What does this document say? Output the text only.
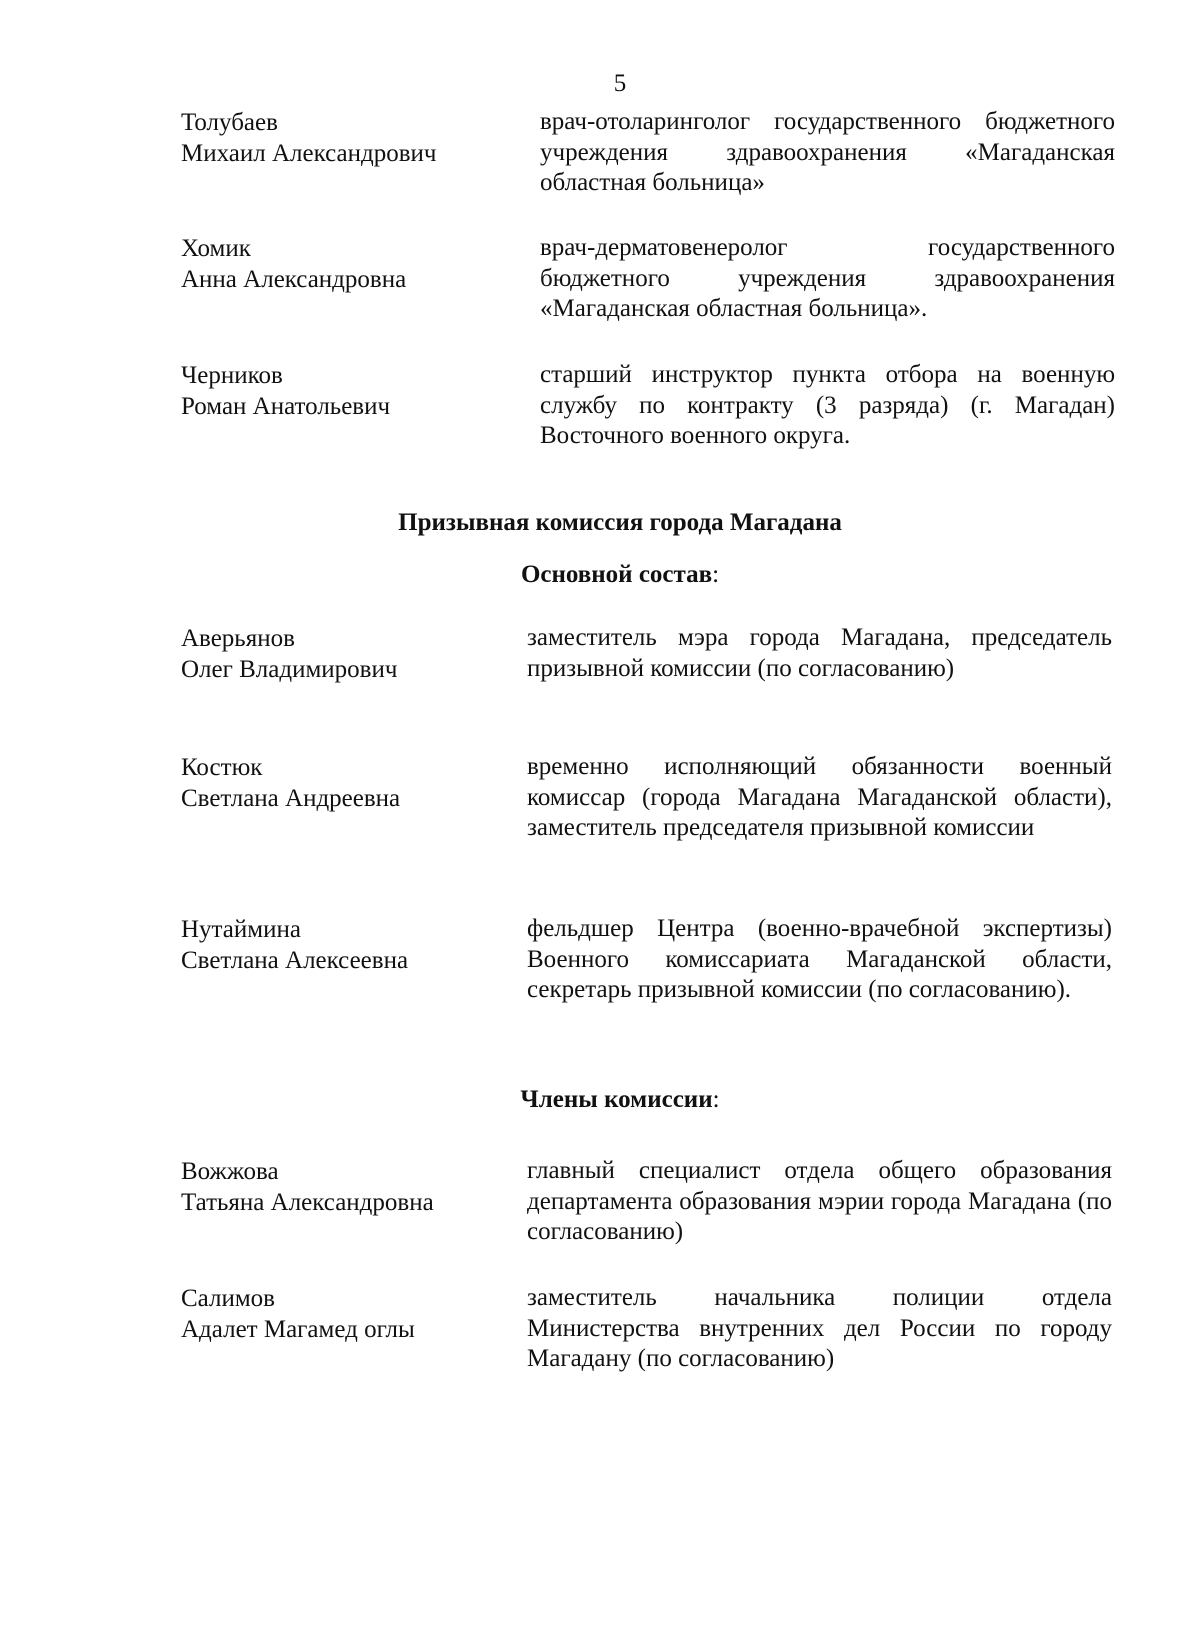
5
Толубаев
Михаил Александрович
врач-отоларинголог государственного бюджетного учреждения здравоохранения «Магаданская областная больница»
Хомик
Анна Александровна
врач-дерматовенеролог государственного бюджетного учреждения здравоохранения «Магаданская областная больница».
Черников
Роман Анатольевич
старший инструктор пункта отбора на военную службу по контракту (3 разряда) (г. Магадан) Восточного военного округа.
Призывная комиссия города Магадана
Основной состав:
Аверьянов
Олег Владимирович
заместитель мэра города Магадана, председатель призывной комиссии (по согласованию)
Костюк
Светлана Андреевна
временно исполняющий обязанности военный комиссар (города Магадана Магаданской области), заместитель председателя призывной комиссии
Нутаймина
Светлана Алексеевна
фельдшер Центра (военно-врачебной экспертизы) Военного комиссариата Магаданской области, секретарь призывной комиссии (по согласованию).
Члены комиссии:
Вожжова
Татьяна Александровна
главный специалист отдела общего образования департамента образования мэрии города Магадана (по согласованию)
Салимов
Адалет Магамед оглы
заместитель начальника полиции отдела Министерства внутренних дел России по городу Магадану (по согласованию)
